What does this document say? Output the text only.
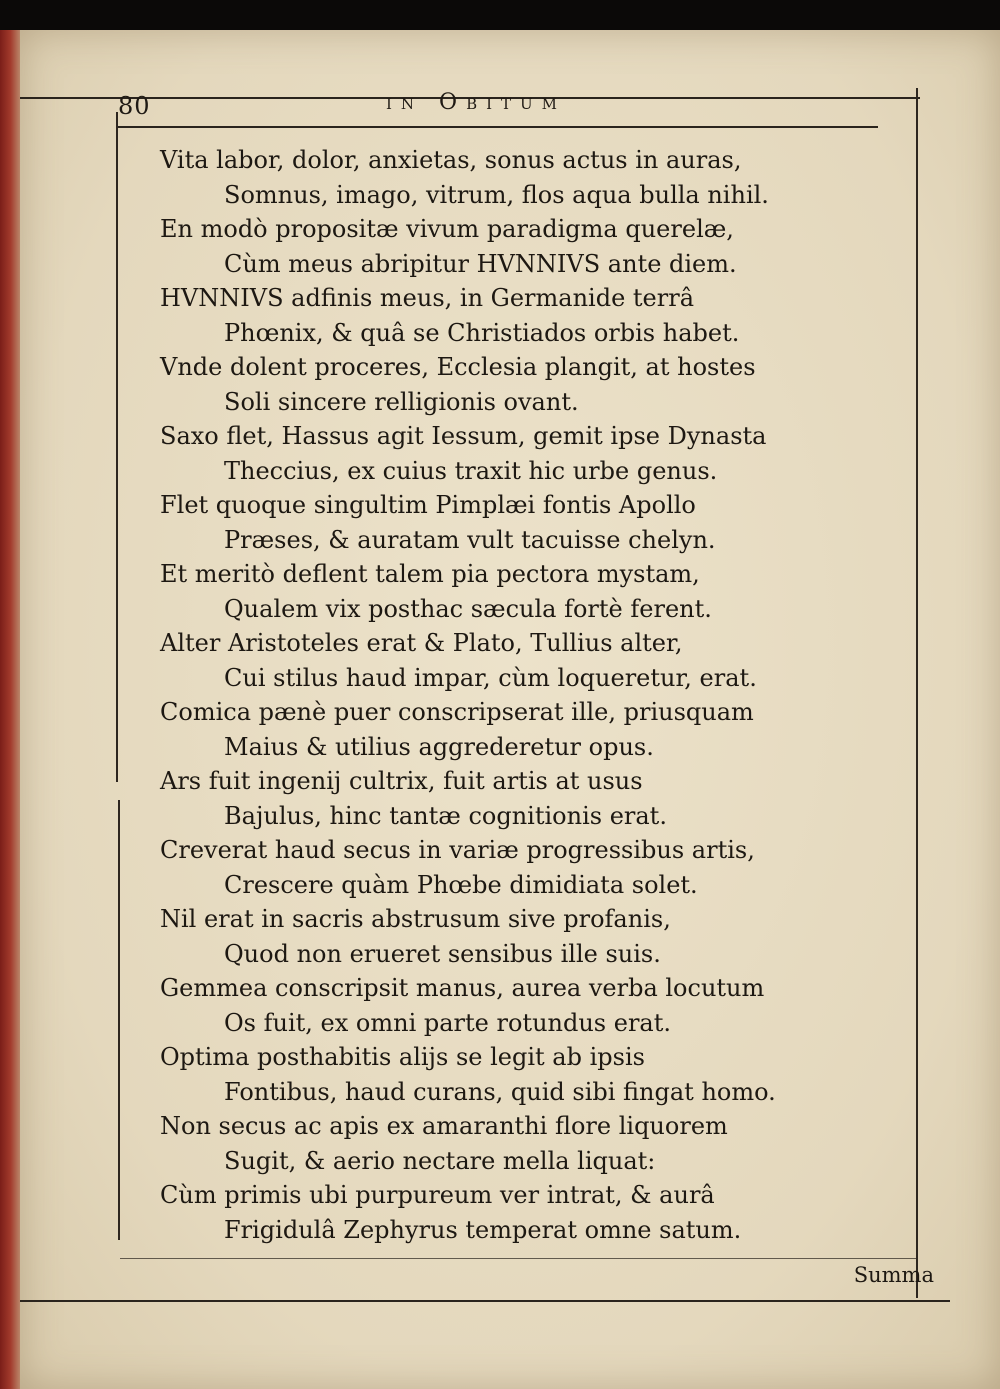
80	in Obitum
Vita labor, dolor, anxietas, sonus actus in auras,
Somnus, imago, vitrum, flos aqua bulla nihil.
En modò propositæ vivum paradigma querelæ,
Cùm meus abripitur HVNNIVS ante diem.
HVNNIVS adfinis meus, in Germanide terrâ
Phœnix, & quâ se Christiados orbis habet.
Vnde dolent proceres, Ecclesia plangit, at hostes
Soli sincere relligionis ovant.
Saxo flet, Hassus agit Iessum, gemit ipse Dynasta
Theccius, ex cuius traxit hic urbe genus.
Flet quoque singultim Pimplæi fontis Apollo
Præses, & auratam vult tacuisse chelyn.
Et meritò deflent talem pia pectora mystam,
Qualem vix posthac sæcula fortè ferent.
Alter Aristoteles erat & Plato, Tullius alter,
Cui stilus haud impar, cùm loqueretur, erat.
Comica pænè puer conscripserat ille, priusquam
Maius & utilius aggrederetur opus.
Ars fuit ingenij cultrix, fuit artis at usus
Bajulus, hinc tantæ cognitionis erat.
Creverat haud secus in variæ progressibus artis,
Crescere quàm Phœbe dimidiata solet.
Nil erat in sacris abstrusum sive profanis,
Quod non erueret sensibus ille suis.
Gemmea conscripsit manus, aurea verba locutum
Os fuit, ex omni parte rotundus erat.
Optima posthabitis alijs se legit ab ipsis
Fontibus, haud curans, quid sibi fingat homo.
Non secus ac apis ex amaranthi flore liquorem
Sugit, & aerio nectare mella liquat:
Cùm primis ubi purpureum ver intrat, & aurâ
Frigidulâ Zephyrus temperat omne satum.
Summa
